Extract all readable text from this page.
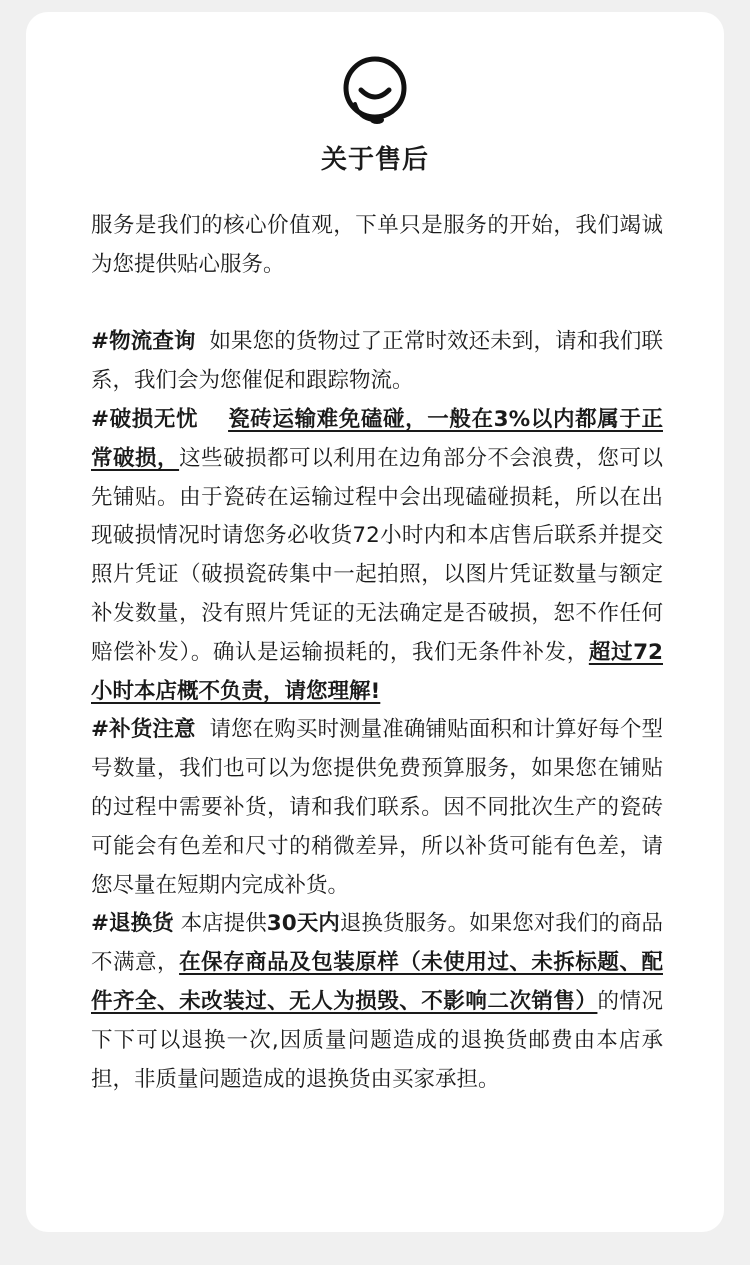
关于售后

服务是我们的核心价值观，下单只是服务的开始，我们竭诚为您提供贴心服务。

#物流查询 如果您的货物过了正常时效还未到，请和我们联系，我们会为您催促和跟踪物流。

#破损无忧 瓷砖运输难免磕碰，一般在3%以内都属于正常破损，这些破损都可以利用在边角部分不会浪费，您可以先铺贴。由于瓷砖在运输过程中会出现磕碰损耗，所以在出现破损情况时请您务必收货72小时内和本店售后联系并提交照片凭证（破损瓷砖集中一起拍照，以图片凭证数量与额定补发数量，没有照片凭证的无法确定是否破损，恕不作任何赔偿补发）。确认是运输损耗的，我们无条件补发，超过72小时本店概不负责，请您理解!

#补货注意 请您在购买时测量准确铺贴面积和计算好每个型号数量，我们也可以为您提供免费预算服务，如果您在铺贴的过程中需要补货，请和我们联系。因不同批次生产的瓷砖可能会有色差和尺寸的稍微差异，所以补货可能有色差，请您尽量在短期内完成补货。

#退换货 本店提供30天内退换货服务。如果您对我们的商品不满意，在保存商品及包装原样（未使用过、未拆标题、配件齐全、未改装过、无人为损毁、不影响二次销售）的情况下下可以退换一次,因质量问题造成的退换货邮费由本店承担，非质量问题造成的退换货由买家承担。
